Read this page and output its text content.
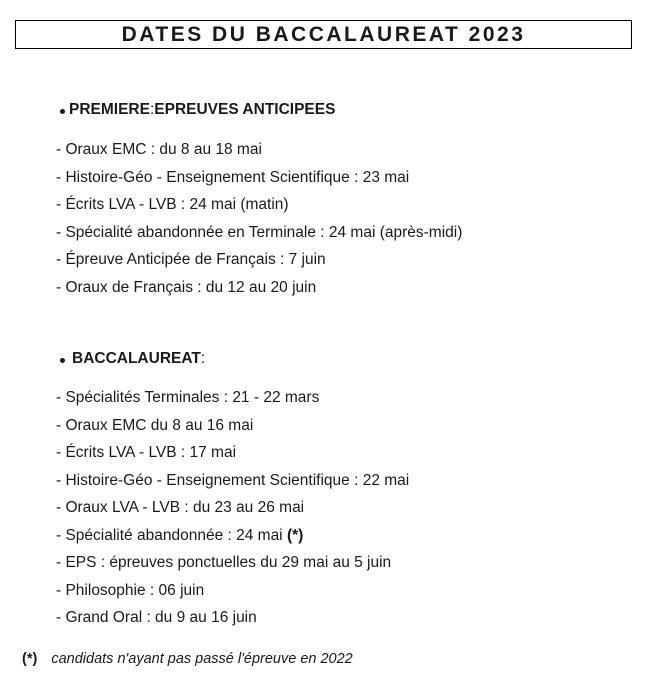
DATES DU BACCALAUREAT 2023
PREMIERE : EPREUVES ANTICIPEES
- Oraux EMC : du 8 au 18 mai
- Histoire-Géo - Enseignement Scientifique : 23 mai
- Écrits LVA - LVB : 24 mai (matin)
- Spécialité abandonnée en Terminale : 24 mai (après-midi)
- Épreuve Anticipée de Français : 7 juin
- Oraux de Français : du 12 au 20 juin
BACCALAUREAT :
- Spécialités Terminales : 21 - 22 mars
- Oraux EMC du 8 au 16 mai
- Écrits LVA - LVB : 17 mai
- Histoire-Géo - Enseignement Scientifique : 22 mai
- Oraux LVA - LVB : du 23 au 26 mai
- Spécialité abandonnée : 24 mai (*)
- EPS : épreuves ponctuelles du 29 mai au 5 juin
- Philosophie : 06 juin
- Grand Oral : du 9 au 16 juin
(*) candidats n'ayant pas passé l'épreuve en 2022
